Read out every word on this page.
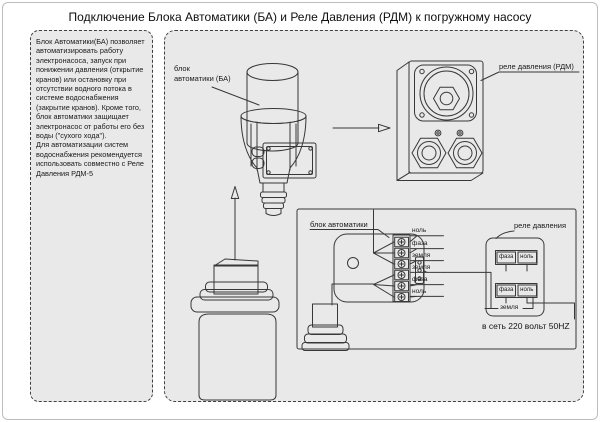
Подключение Блока Автоматики (БА) и Реле Давления (РДМ) к погружному насосу

Блок Автоматики(БА) позволяет автоматизировать работу электронасоса, запуск при понижении давления (открытие кранов) или остановку при отсутствии водного потока в системе водоснабжения (закрытие кранов). Кроме того, блок автоматики защищает электронасос от работы его без воды ("сухого хода").

Для автоматизации систем водоснабжения рекомендуется использовать совместно с Реле Давления РДМ-5

блок
автоматики (БА)
реле давления (РДМ)
блок автоматики	реле давления
ноль
фаза
земля
земля
фаза
ноль
фаза	ноль
фаза	ноль
земля
в сеть 220 вольт 50HZ
